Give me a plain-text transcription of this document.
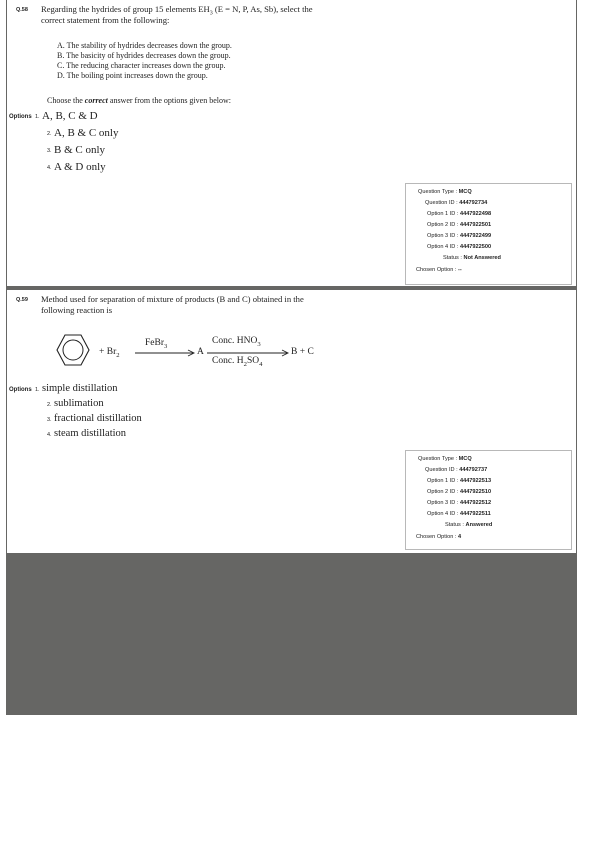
Q.58 Regarding the hydrides of group 15 elements $EH_3$ (E = N, P, As, Sb), select the
correct statement from the following:
A. The stability of hydrides decreases down the group.
B. The basicity of hydrides decreases down the group.
C. The reducing character increases down the group.
D. The boiling point increases down the group.
Choose the correct answer from the options given below:
Options 1. A, B, C & D
2. A, B & C only
3. B & C only
4. A & D only
Question Type : MCQ
Question ID : 444792734
Option 1 ID : 4447922498
Option 2 ID : 4447922501
Option 3 ID : 4447922499
Option 4 ID : 4447922500
Status : Not Answered
Chosen Option : --
Q.59 Method used for separation of mixture of products (B and C) obtained in the
following reaction is
+ $Br_2$
FeBr$_3$
→ A
Conc. $HNO_3$
Conc. $H_2SO_4$
B + C
Options 1. simple distillation
2. sublimation
3. fractional distillation
4. steam distillation
Question Type : MCQ
Question ID : 444792737
Option 1 ID : 4447922513
Option 2 ID : 4447922510
Option 3 ID : 4447922512
Option 4 ID : 4447922511
Status : Answered
Chosen Option : 4
